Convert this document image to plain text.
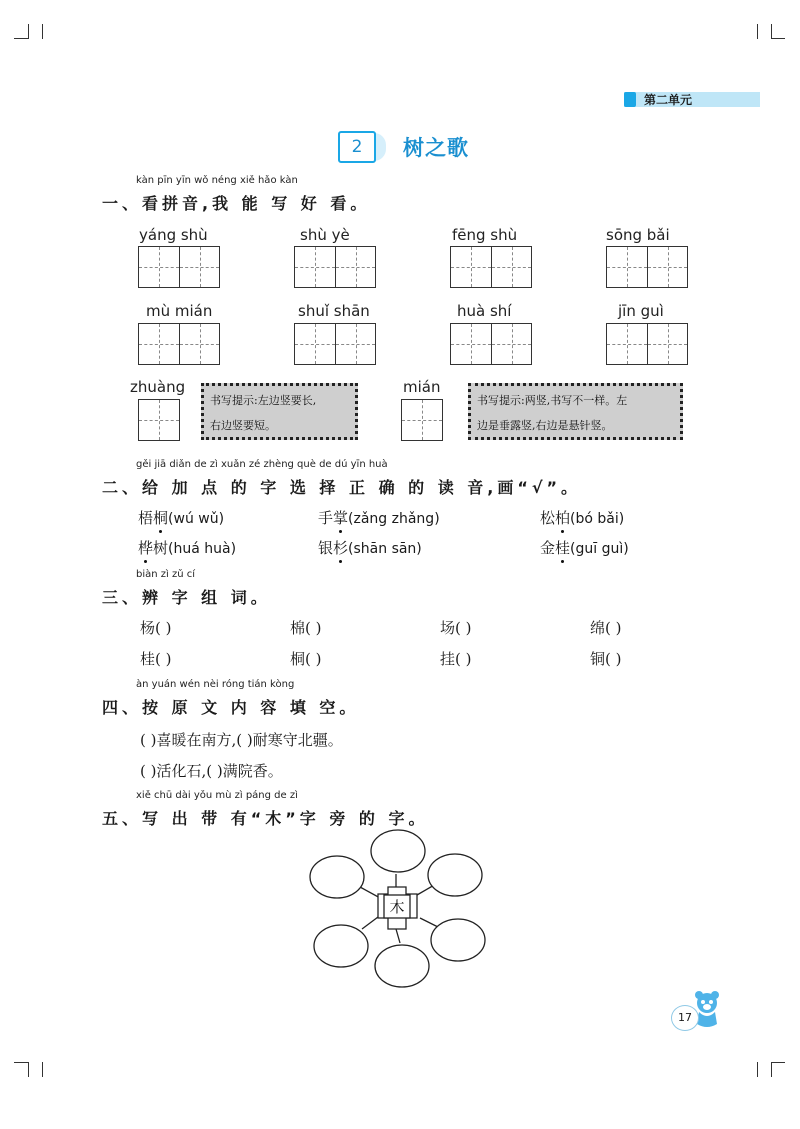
第二单元
2	树之歌
kàn pīn yīn wǒ néng xiě hǎo kàn
一、看拼音,我 能 写 好 看。
yáng shù	shù yè	fēng shù	sōng bǎi
mù mián	shuǐ shān	huà shí	jīn guì
zhuàng
书写提示:左边竖要长,
右边竖要短。
mián
书写提示:两竖,书写不一样。左
边是垂露竖,右边是悬针竖。
gěi jiā diǎn de zì xuǎn zé zhèng què de dú yīn huà
二、给 加 点 的 字 选 择 正 确 的 读 音,画“√”。
梧桐(wú wǔ)	手掌(zǎng zhǎng)	松柏(bó bǎi)
桦树(huá huà)	银杉(shān sān)	金桂(guī guì)
biàn zì zǔ cí
三、辨 字 组 词。
杨( )	棉( )	场( )	绵( )
桂( )	桐( )	挂( )	铜( )
àn yuán wén nèi róng tián kòng
四、按 原 文 内 容 填 空。
( )喜暖在南方,( )耐寒守北疆。
( )活化石,( )满院香。
xiě chū dài yǒu mù zì páng de zì
五、写 出 带 有“木”字 旁 的 字。
木
17
